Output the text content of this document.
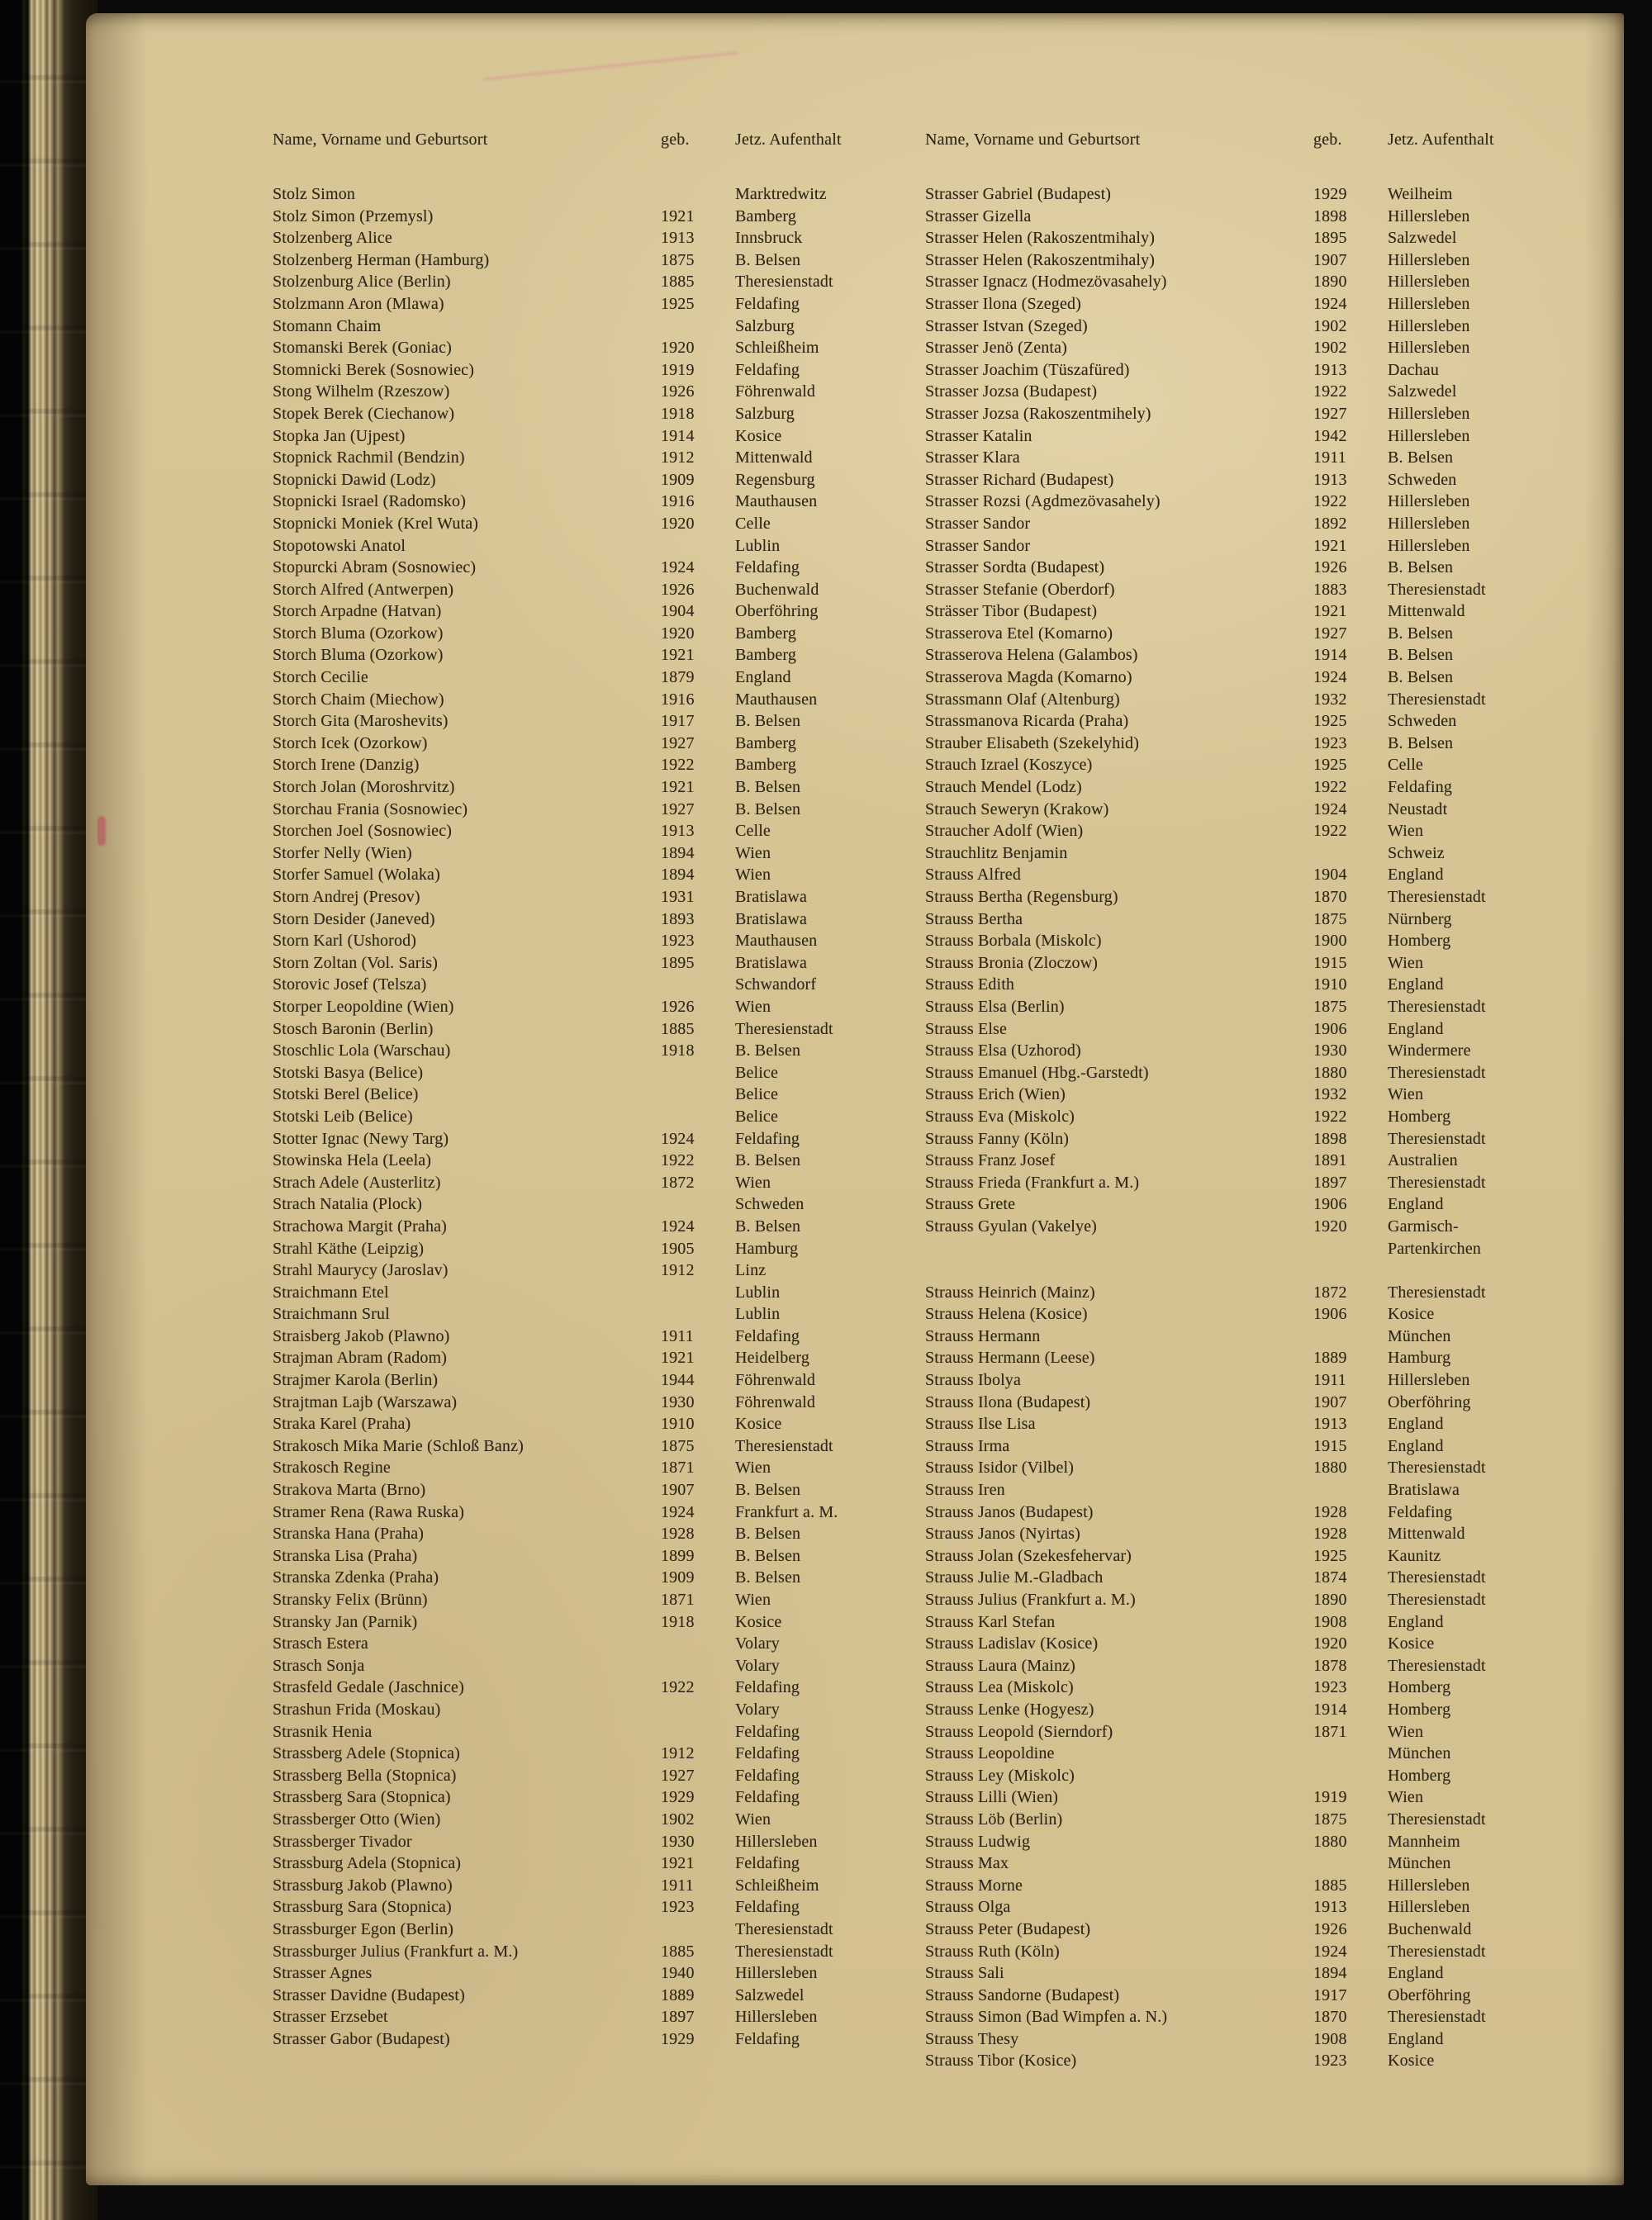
Name, Vorname und Geburtsort	geb.	Jetz. Aufenthalt
Stolz Simon	Marktredwitz
Stolz Simon (Przemysl)	1921	Bamberg
Stolzenberg Alice	1913	Innsbruck
Stolzenberg Herman (Hamburg)	1875	B. Belsen
Stolzenburg Alice (Berlin)	1885	Theresienstadt
Stolzmann Aron (Mlawa)	1925	Feldafing
Stomann Chaim	Salzburg
Stomanski Berek (Goniac)	1920	Schleißheim
Stomnicki Berek (Sosnowiec)	1919	Feldafing
Stong Wilhelm (Rzeszow)	1926	Föhrenwald
Stopek Berek (Ciechanow)	1918	Salzburg
Stopka Jan (Ujpest)	1914	Kosice
Stopnick Rachmil (Bendzin)	1912	Mittenwald
Stopnicki Dawid (Lodz)	1909	Regensburg
Stopnicki Israel (Radomsko)	1916	Mauthausen
Stopnicki Moniek (Krel Wuta)	1920	Celle
Stopotowski Anatol	Lublin
Stopurcki Abram (Sosnowiec)	1924	Feldafing
Storch Alfred (Antwerpen)	1926	Buchenwald
Storch Arpadne (Hatvan)	1904	Oberföhring
Storch Bluma (Ozorkow)	1920	Bamberg
Storch Bluma (Ozorkow)	1921	Bamberg
Storch Cecilie	1879	England
Storch Chaim (Miechow)	1916	Mauthausen
Storch Gita (Maroshevits)	1917	B. Belsen
Storch Icek (Ozorkow)	1927	Bamberg
Storch Irene (Danzig)	1922	Bamberg
Storch Jolan (Moroshrvitz)	1921	B. Belsen
Storchau Frania (Sosnowiec)	1927	B. Belsen
Storchen Joel (Sosnowiec)	1913	Celle
Storfer Nelly (Wien)	1894	Wien
Storfer Samuel (Wolaka)	1894	Wien
Storn Andrej (Presov)	1931	Bratislawa
Storn Desider (Janeved)	1893	Bratislawa
Storn Karl (Ushorod)	1923	Mauthausen
Storn Zoltan (Vol. Saris)	1895	Bratislawa
Storovic Josef (Telsza)	Schwandorf
Storper Leopoldine (Wien)	1926	Wien
Stosch Baronin (Berlin)	1885	Theresienstadt
Stoschlic Lola (Warschau)	1918	B. Belsen
Stotski Basya (Belice)	Belice
Stotski Berel (Belice)	Belice
Stotski Leib (Belice)	Belice
Stotter Ignac (Newy Targ)	1924	Feldafing
Stowinska Hela (Leela)	1922	B. Belsen
Strach Adele (Austerlitz)	1872	Wien
Strach Natalia (Plock)	Schweden
Strachowa Margit (Praha)	1924	B. Belsen
Strahl Käthe (Leipzig)	1905	Hamburg
Strahl Maurycy (Jaroslav)	1912	Linz
Straichmann Etel	Lublin
Straichmann Srul	Lublin
Straisberg Jakob (Plawno)	1911	Feldafing
Strajman Abram (Radom)	1921	Heidelberg
Strajmer Karola (Berlin)	1944	Föhrenwald
Strajtman Lajb (Warszawa)	1930	Föhrenwald
Straka Karel (Praha)	1910	Kosice
Strakosch Mika Marie (Schloß Banz)	1875	Theresienstadt
Strakosch Regine	1871	Wien
Strakova Marta (Brno)	1907	B. Belsen
Stramer Rena (Rawa Ruska)	1924	Frankfurt a. M.
Stranska Hana (Praha)	1928	B. Belsen
Stranska Lisa (Praha)	1899	B. Belsen
Stranska Zdenka (Praha)	1909	B. Belsen
Stransky Felix (Brünn)	1871	Wien
Stransky Jan (Parnik)	1918	Kosice
Strasch Estera	Volary
Strasch Sonja	Volary
Strasfeld Gedale (Jaschnice)	1922	Feldafing
Strashun Frida (Moskau)	Volary
Strasnik Henia	Feldafing
Strassberg Adele (Stopnica)	1912	Feldafing
Strassberg Bella (Stopnica)	1927	Feldafing
Strassberg Sara (Stopnica)	1929	Feldafing
Strassberger Otto (Wien)	1902	Wien
Strassberger Tivador	1930	Hillersleben
Strassburg Adela (Stopnica)	1921	Feldafing
Strassburg Jakob (Plawno)	1911	Schleißheim
Strassburg Sara (Stopnica)	1923	Feldafing
Strassburger Egon (Berlin)	Theresienstadt
Strassburger Julius (Frankfurt a. M.)	1885	Theresienstadt
Strasser Agnes	1940	Hillersleben
Strasser Davidne (Budapest)	1889	Salzwedel
Strasser Erzsebet	1897	Hillersleben
Strasser Gabor (Budapest)	1929	Feldafing
Name, Vorname und Geburtsort	geb.	Jetz. Aufenthalt
Strasser Gabriel (Budapest)	1929	Weilheim
Strasser Gizella	1898	Hillersleben
Strasser Helen (Rakoszentmihaly)	1895	Salzwedel
Strasser Helen (Rakoszentmihaly)	1907	Hillersleben
Strasser Ignacz (Hodmezövasahely)	1890	Hillersleben
Strasser Ilona (Szeged)	1924	Hillersleben
Strasser Istvan (Szeged)	1902	Hillersleben
Strasser Jenö (Zenta)	1902	Hillersleben
Strasser Joachim (Tüszafüred)	1913	Dachau
Strasser Jozsa (Budapest)	1922	Salzwedel
Strasser Jozsa (Rakoszentmihely)	1927	Hillersleben
Strasser Katalin	1942	Hillersleben
Strasser Klara	1911	B. Belsen
Strasser Richard (Budapest)	1913	Schweden
Strasser Rozsi (Agdmezövasahely)	1922	Hillersleben
Strasser Sandor	1892	Hillersleben
Strasser Sandor	1921	Hillersleben
Strasser Sordta (Budapest)	1926	B. Belsen
Strasser Stefanie (Oberdorf)	1883	Theresienstadt
Strässer Tibor (Budapest)	1921	Mittenwald
Strasserova Etel (Komarno)	1927	B. Belsen
Strasserova Helena (Galambos)	1914	B. Belsen
Strasserova Magda (Komarno)	1924	B. Belsen
Strassmann Olaf (Altenburg)	1932	Theresienstadt
Strassmanova Ricarda (Praha)	1925	Schweden
Strauber Elisabeth (Szekelyhid)	1923	B. Belsen
Strauch Izrael (Koszyce)	1925	Celle
Strauch Mendel (Lodz)	1922	Feldafing
Strauch Seweryn (Krakow)	1924	Neustadt
Straucher Adolf (Wien)	1922	Wien
Strauchlitz Benjamin	Schweiz
Strauss Alfred	1904	England
Strauss Bertha (Regensburg)	1870	Theresienstadt
Strauss Bertha	1875	Nürnberg
Strauss Borbala (Miskolc)	1900	Homberg
Strauss Bronia (Zloczow)	1915	Wien
Strauss Edith	1910	England
Strauss Elsa (Berlin)	1875	Theresienstadt
Strauss Else	1906	England
Strauss Elsa (Uzhorod)	1930	Windermere
Strauss Emanuel (Hbg.-Garstedt)	1880	Theresienstadt
Strauss Erich (Wien)	1932	Wien
Strauss Eva (Miskolc)	1922	Homberg
Strauss Fanny (Köln)	1898	Theresienstadt
Strauss Franz Josef	1891	Australien
Strauss Frieda (Frankfurt a. M.)	1897	Theresienstadt
Strauss Grete	1906	England
Strauss Gyulan (Vakelye)	1920	Garmisch-Partenkirchen
Strauss Heinrich (Mainz)	1872	Theresienstadt
Strauss Helena (Kosice)	1906	Kosice
Strauss Hermann	München
Strauss Hermann (Leese)	1889	Hamburg
Strauss Ibolya	1911	Hillersleben
Strauss Ilona (Budapest)	1907	Oberföhring
Strauss Ilse Lisa	1913	England
Strauss Irma	1915	England
Strauss Isidor (Vilbel)	1880	Theresienstadt
Strauss Iren	Bratislawa
Strauss Janos (Budapest)	1928	Feldafing
Strauss Janos (Nyirtas)	1928	Mittenwald
Strauss Jolan (Szekesfehervar)	1925	Kaunitz
Strauss Julie M.-Gladbach	1874	Theresienstadt
Strauss Julius (Frankfurt a. M.)	1890	Theresienstadt
Strauss Karl Stefan	1908	England
Strauss Ladislav (Kosice)	1920	Kosice
Strauss Laura (Mainz)	1878	Theresienstadt
Strauss Lea (Miskolc)	1923	Homberg
Strauss Lenke (Hogyesz)	1914	Homberg
Strauss Leopold (Sierndorf)	1871	Wien
Strauss Leopoldine	München
Strauss Ley (Miskolc)	Homberg
Strauss Lilli (Wien)	1919	Wien
Strauss Löb (Berlin)	1875	Theresienstadt
Strauss Ludwig	1880	Mannheim
Strauss Max	München
Strauss Morne	1885	Hillersleben
Strauss Olga	1913	Hillersleben
Strauss Peter (Budapest)	1926	Buchenwald
Strauss Ruth (Köln)	1924	Theresienstadt
Strauss Sali	1894	England
Strauss Sandorne (Budapest)	1917	Oberföhring
Strauss Simon (Bad Wimpfen a. N.)	1870	Theresienstadt
Strauss Thesy	1908	England
Strauss Tibor (Kosice)	1923	Kosice
